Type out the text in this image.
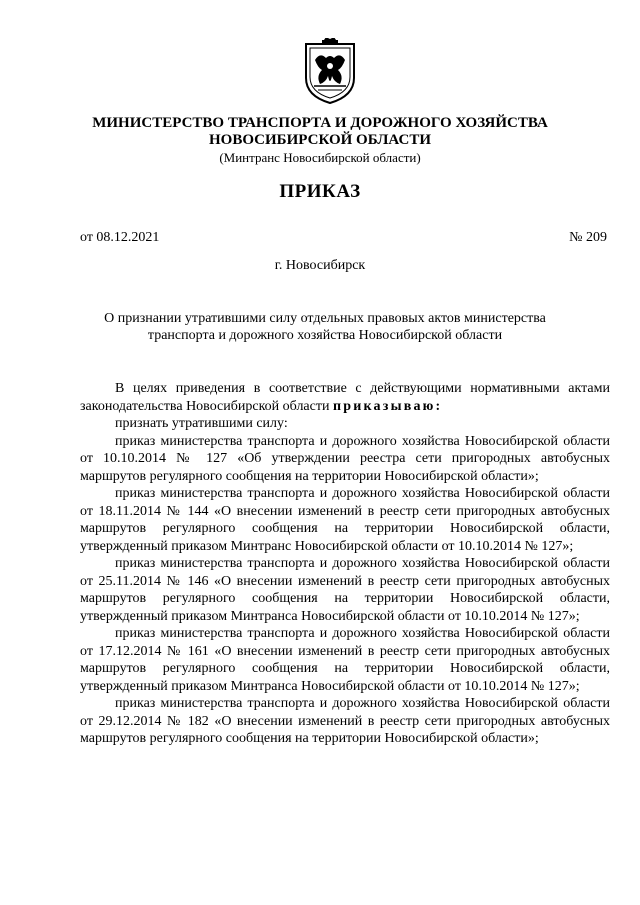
МИНИСТЕРСТВО ТРАНСПОРТА И ДОРОЖНОГО ХОЗЯЙСТВА
НОВОСИБИРСКОЙ ОБЛАСТИ
(Минтранс Новосибирской области)
ПРИКАЗ
от 08.12.2021	№ 209
г. Новосибирск
О признании утратившими силу отдельных правовых актов министерства транспорта и дорожного хозяйства Новосибирской области

В целях приведения в соответствие с действующими нормативными актами законодательства Новосибирской области приказываю:

признать утратившими силу:

приказ министерства транспорта и дорожного хозяйства Новосибирской области от 10.10.2014 № 127 «Об утверждении реестра сети пригородных автобусных маршрутов регулярного сообщения на территории Новосибирской области»;

приказ министерства транспорта и дорожного хозяйства Новосибирской области от 18.11.2014 № 144 «О внесении изменений в реестр сети пригородных автобусных маршрутов регулярного сообщения на территории Новосибирской области, утвержденный приказом Минтранс Новосибирской области от 10.10.2014 № 127»;

приказ министерства транспорта и дорожного хозяйства Новосибирской области от 25.11.2014 № 146 «О внесении изменений в реестр сети пригородных автобусных маршрутов регулярного сообщения на территории Новосибирской области, утвержденный приказом Минтранса Новосибирской области от 10.10.2014 № 127»;

приказ министерства транспорта и дорожного хозяйства Новосибирской области от 17.12.2014 № 161 «О внесении изменений в реестр сети пригородных автобусных маршрутов регулярного сообщения на территории Новосибирской области, утвержденный приказом Минтранса Новосибирской области от 10.10.2014 № 127»;

приказ министерства транспорта и дорожного хозяйства Новосибирской области от 29.12.2014 № 182 «О внесении изменений в реестр сети пригородных автобусных маршрутов регулярного сообщения на территории Новосибирской области»;
